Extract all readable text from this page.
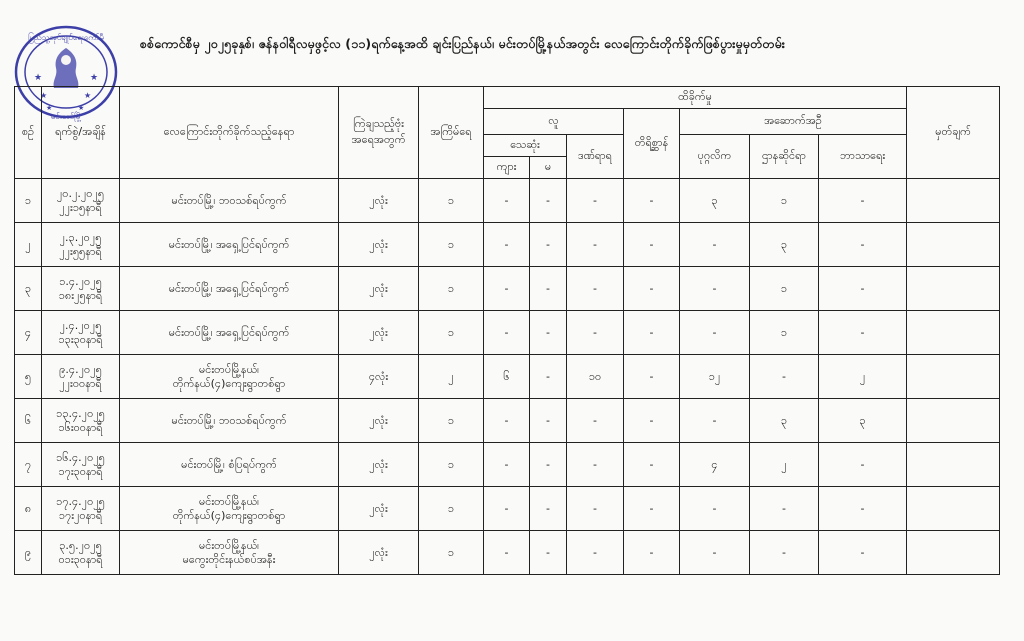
★	★
★	★
★	★
ပြည်သူ့အုပ်ချုပ်ရေးကော်မီ
မင်းတပ်မြို့
စစ်ကောင်စီမှ ၂၀၂၅ခုနှစ်၊ ဇန်နဝါရီလမှဖွင့်လ (၁၁)ရက်နေ့အထိ ချင်းပြည်နယ်၊ မင်းတပ်မြို့နယ်အတွင်း လေကြောင်းတိုက်ခိုက်ဖြစ်ပွားမှုမှတ်တမ်း
စဉ်	ရက်စွဲ/အချိန်	လေကြောင်းတိုက်ခိုက်သည့်နေရာ	ကြဲချသည့်ဗုံး အရေအတွက်	အကြိမ်ရေ	ထိခိုက်မှု							မှတ်ချက်
					လူ			တိရိစ္ဆာန်	အဆောက်အဦ			
					သေဆုံး		ဒဏ်ရာရ		ပုဂ္ဂလိက	ဌာနဆိုင်ရာ	ဘာသာရေး	
					ကျား	မ						
၁	၂၀.၂.၂၀၂၅
၂၂း၁၅နာရီ	မင်းတပ်မြို့၊ ဘဝသစ်ရပ်ကွက်	၂လုံး	၁	-	-	-	-	၃	၁	-	
၂	၂.၃.၂၀၂၅
၂၂း၅၅နာရီ	မင်းတပ်မြို့၊ အရှေ့ပြင်ရပ်ကွက်	၂လုံး	၁	-	-	-	-	-	၃	-	
၃	၁.၄.၂၀၂၅
၁၈း၂၅နာရီ	မင်းတပ်မြို့၊ အရှေ့ပြင်ရပ်ကွက်	၂လုံး	၁	-	-	-	-	-	၁	-	
၄	၂.၄.၂၀၂၅
၁၃း၃၀နာရီ	မင်းတပ်မြို့၊ အရှေ့ပြင်ရပ်ကွက်	၂လုံး	၁	-	-	-	-	-	၁	-	
၅	၉.၄.၂၀၂၅
၂၂း၀၀နာရီ	မင်းတပ်မြို့နယ်၊
တိုက်နယ်(၄)ကျေးရွာတစ်ရွာ	၄လုံး	၂	၆	-	၁၀	-	၁၂	-	၂	
၆	၁၃.၄.၂၀၂၅
၁၆း၀၀နာရီ	မင်းတပ်မြို့၊ ဘဝသစ်ရပ်ကွက်	၂လုံး	၁	-	-	-	-	-	၃	၃	
၇	၁၆.၄.၂၀၂၅
၁၇း၃၀နာရီ	မင်းတပ်မြို့၊ စံပြရပ်ကွက်	၂လုံး	၁	-	-	-	-	၄	၂	-	
၈	၁၇.၄.၂၀၂၅
၁၇း၂၀နာရီ	မင်းတပ်မြို့နယ်၊
တိုက်နယ်(၄)ကျေးရွာတစ်ရွာ	၂လုံး	၁	-	-	-	-	-	-	-	
၉	၃.၅.၂၀၂၅
၀၁း၃၀နာရီ	မင်းတပ်မြို့နယ်၊
မကွေးတိုင်းနယ်စပ်အနီး	၂လုံး	၁	-	-	-	-	-	-	-	
